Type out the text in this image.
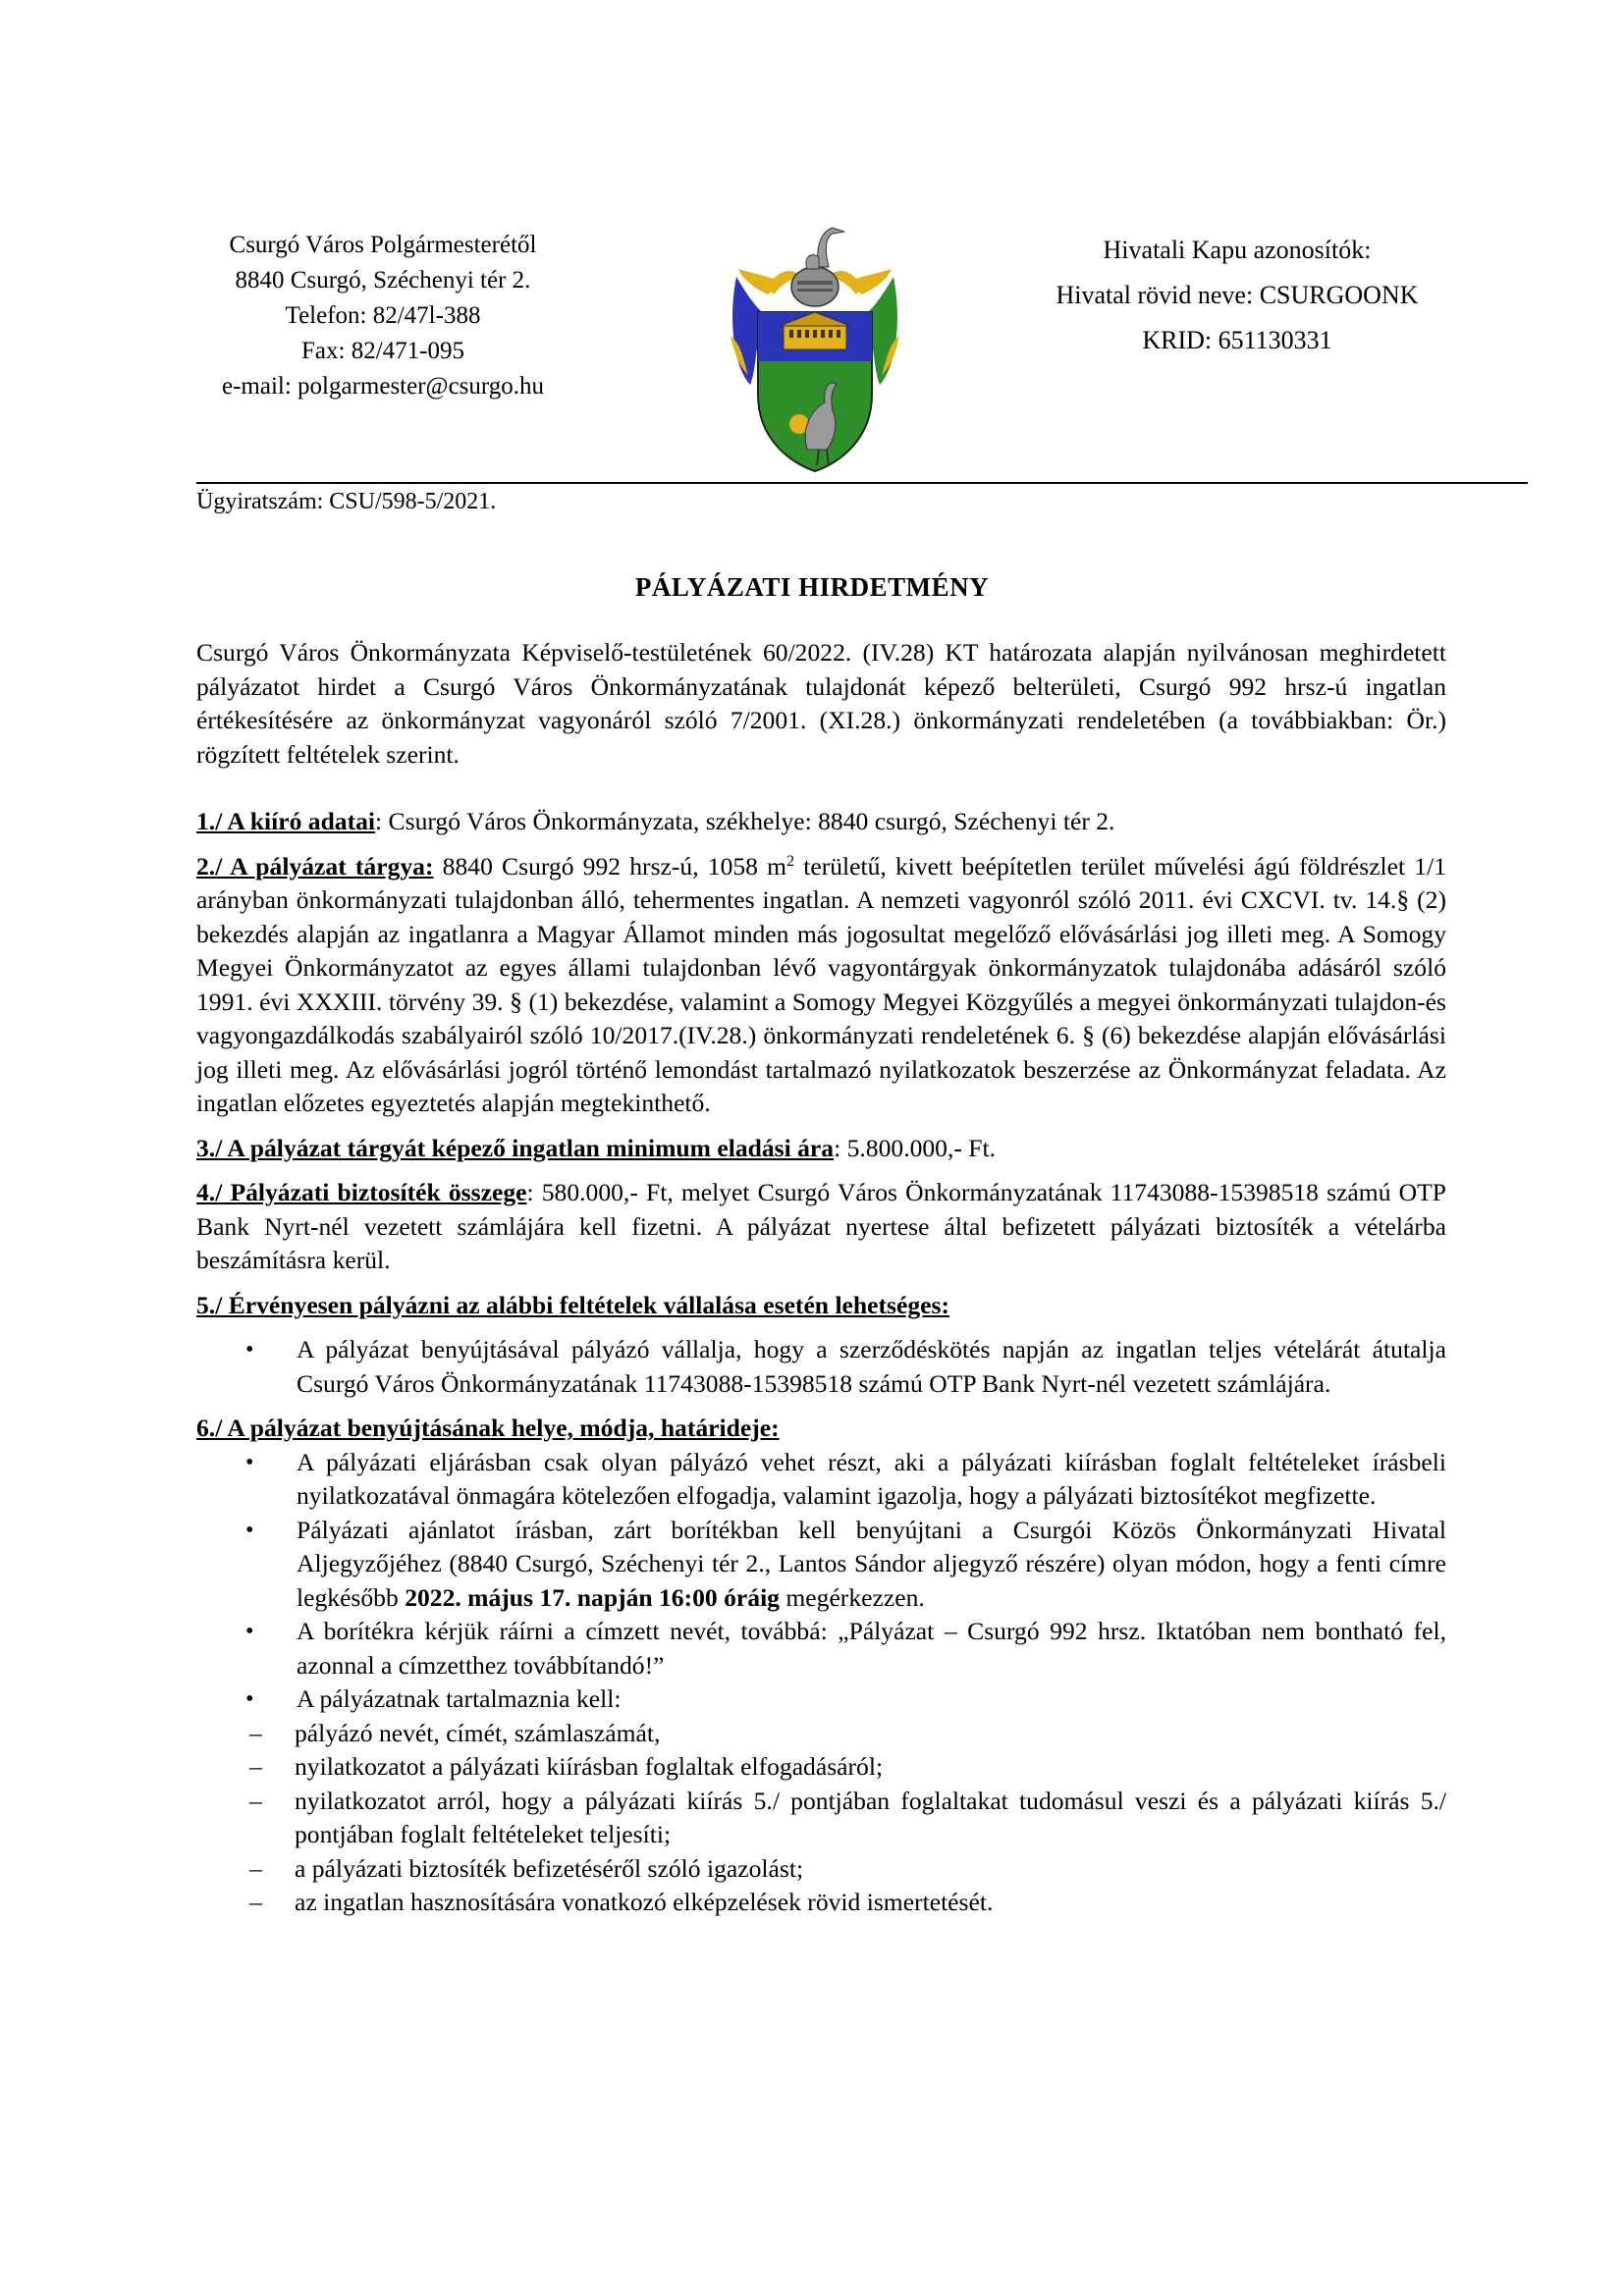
Csurgó Város Polgármesterétől
8840 Csurgó, Széchenyi tér 2.
Telefon: 82/47l-388
Fax: 82/471-095
e-mail: polgarmester@csurgo.hu
Hivatali Kapu azonosítók:
Hivatal rövid neve: CSURGOONK
KRID: 651130331
Ügyiratszám: CSU/598-5/2021.
PÁLYÁZATI HIRDETMÉNY

Csurgó Város Önkormányzata Képviselő-testületének 60/2022. (IV.28) KT határozata alapján nyilvánosan meghirdetett pályázatot hirdet a Csurgó Város Önkormányzatának tulajdonát képező belterületi, Csurgó 992 hrsz-ú ingatlan értékesítésére az önkormányzat vagyonáról szóló 7/2001. (XI.28.) önkormányzati rendeletében (a továbbiakban: Ör.) rögzített feltételek szerint.

1./ A kiíró adatai: Csurgó Város Önkormányzata, székhelye: 8840 csurgó, Széchenyi tér 2.

2./ A pályázat tárgya: 8840 Csurgó 992 hrsz-ú, 1058 $m^2$ területű, kivett beépítetlen terület művelési ágú földrészlet 1/1 arányban önkormányzati tulajdonban álló, tehermentes ingatlan. A nemzeti vagyonról szóló 2011. évi CXCVI. tv. 14.§ (2) bekezdés alapján az ingatlanra a Magyar Államot minden más jogosultat megelőző elővásárlási jog illeti meg. A Somogy Megyei Önkormányzatot az egyes állami tulajdonban lévő vagyontárgyak önkormányzatok tulajdonába adásáról szóló 1991. évi XXXIII. törvény 39. § (1) bekezdése, valamint a Somogy Megyei Közgyűlés a megyei önkormányzati tulajdon-és vagyongazdálkodás szabályairól szóló 10/2017.(IV.28.) önkormányzati rendeletének 6. § (6) bekezdése alapján elővásárlási jog illeti meg. Az elővásárlási jogról történő lemondást tartalmazó nyilatkozatok beszerzése az Önkormányzat feladata. Az ingatlan előzetes egyeztetés alapján megtekinthető.

3./ A pályázat tárgyát képező ingatlan minimum eladási ára: 5.800.000,- Ft.

4./ Pályázati biztosíték összege: 580.000,- Ft, melyet Csurgó Város Önkormányzatának 11743088-15398518 számú OTP Bank Nyrt-nél vezetett számlájára kell fizetni. A pályázat nyertese által befizetett pályázati biztosíték a vételárba beszámításra kerül.

5./ Érvényesen pályázni az alábbi feltételek vállalása esetén lehetséges:

• A pályázat benyújtásával pályázó vállalja, hogy a szerződéskötés napján az ingatlan teljes vételárát átutalja Csurgó Város Önkormányzatának 11743088-15398518 számú OTP Bank Nyrt-nél vezetett számlájára.

6./ A pályázat benyújtásának helye, módja, határideje:

• A pályázati eljárásban csak olyan pályázó vehet részt, aki a pályázati kiírásban foglalt feltételeket írásbeli nyilatkozatával önmagára kötelezően elfogadja, valamint igazolja, hogy a pályázati biztosítékot megfizette.
• Pályázati ajánlatot írásban, zárt borítékban kell benyújtani a Csurgói Közös Önkormányzati Hivatal Aljegyzőjéhez (8840 Csurgó, Széchenyi tér 2., Lantos Sándor aljegyző részére) olyan módon, hogy a fenti címre legkésőbb 2022. május 17. napján 16:00 óráig megérkezzen.
• A borítékra kérjük ráírni a címzett nevét, továbbá: „Pályázat – Csurgó 992 hrsz. Iktatóban nem bontható fel, azonnal a címzetthez továbbítandó!”
• A pályázatnak tartalmaznia kell:
– pályázó nevét, címét, számlaszámát,
– nyilatkozatot a pályázati kiírásban foglaltak elfogadásáról;
– nyilatkozatot arról, hogy a pályázati kiírás 5./ pontjában foglaltakat tudomásul veszi és a pályázati kiírás 5./ pontjában foglalt feltételeket teljesíti;
– a pályázati biztosíték befizetéséről szóló igazolást;
– az ingatlan hasznosítására vonatkozó elképzelések rövid ismertetését.
